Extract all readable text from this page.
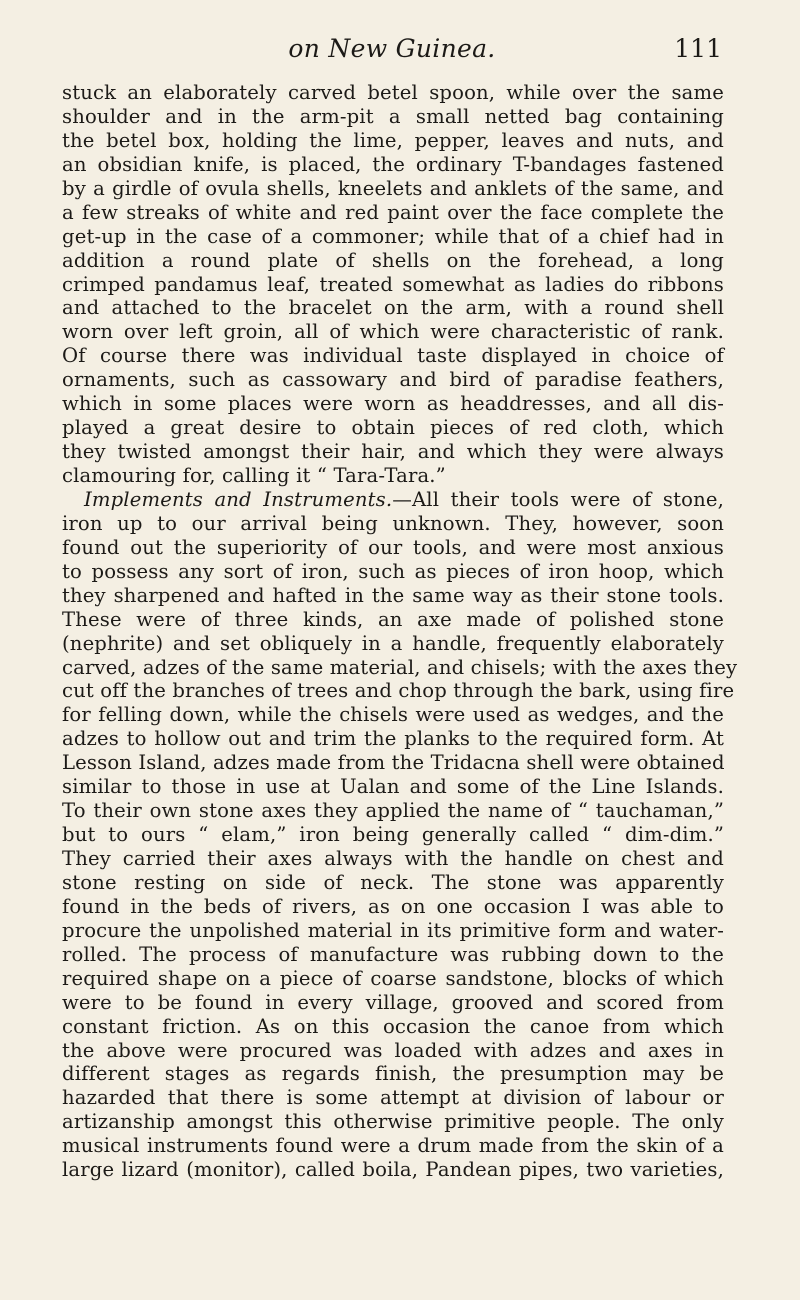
on New Guinea.	111
stuck an elaborately carved betel spoon, while over the same
shoulder and in the arm-pit a small netted bag containing
the betel box, holding the lime, pepper, leaves and nuts, and
an obsidian knife, is placed, the ordinary T-bandages fastened
by a girdle of ovula shells, kneelets and anklets of the same, and
a few streaks of white and red paint over the face complete the
get-up in the case of a commoner; while that of a chief had in
addition a round plate of shells on the forehead, a long
crimped pandamus leaf, treated somewhat as ladies do ribbons
and attached to the bracelet on the arm, with a round shell
worn over left groin, all of which were characteristic of rank.
Of course there was individual taste displayed in choice of
ornaments, such as cassowary and bird of paradise feathers,
which in some places were worn as headdresses, and all dis-
played a great desire to obtain pieces of red cloth, which
they twisted amongst their hair, and which they were always
clamouring for, calling it “ Tara-Tara.”
Implements and Instruments.—All their tools were of stone,
iron up to our arrival being unknown. They, however, soon
found out the superiority of our tools, and were most anxious
to possess any sort of iron, such as pieces of iron hoop, which
they sharpened and hafted in the same way as their stone tools.
These were of three kinds, an axe made of polished stone
(nephrite) and set obliquely in a handle, frequently elaborately
carved, adzes of the same material, and chisels; with the axes they
cut off the branches of trees and chop through the bark, using fire
for felling down, while the chisels were used as wedges, and the
adzes to hollow out and trim the planks to the required form. At
Lesson Island, adzes made from the Tridacna shell were obtained
similar to those in use at Ualan and some of the Line Islands.
To their own stone axes they applied the name of “ tauchaman,”
but to ours “ elam,” iron being generally called “ dim-dim.”
They carried their axes always with the handle on chest and
stone resting on side of neck. The stone was apparently
found in the beds of rivers, as on one occasion I was able to
procure the unpolished material in its primitive form and water-
rolled. The process of manufacture was rubbing down to the
required shape on a piece of coarse sandstone, blocks of which
were to be found in every village, grooved and scored from
constant friction. As on this occasion the canoe from which
the above were procured was loaded with adzes and axes in
different stages as regards finish, the presumption may be
hazarded that there is some attempt at division of labour or
artizanship amongst this otherwise primitive people. The only
musical instruments found were a drum made from the skin of a
large lizard (monitor), called boila, Pandean pipes, two varieties,
